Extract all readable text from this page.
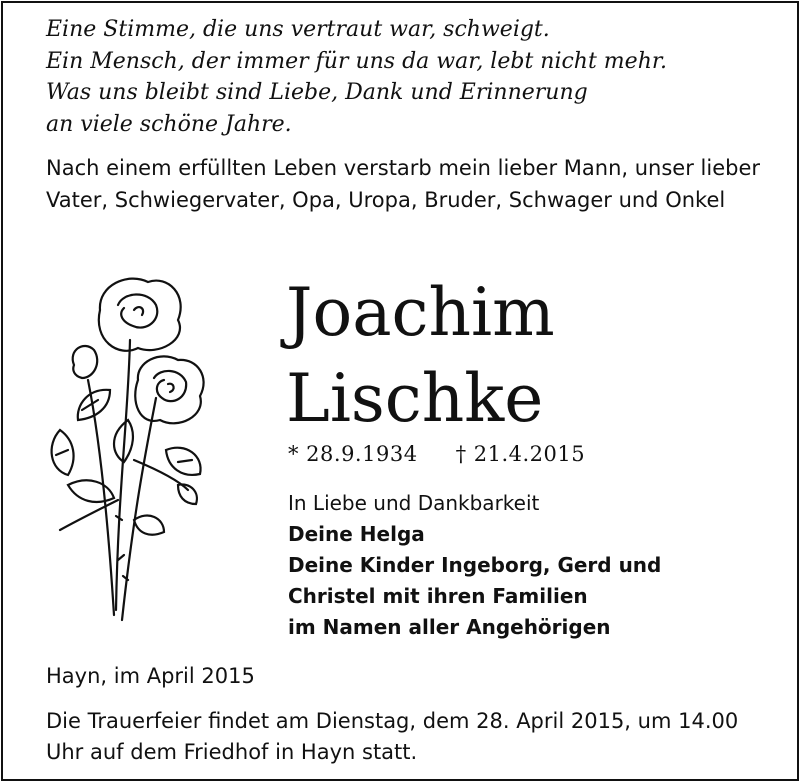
Eine Stimme, die uns vertraut war, schweigt.
Ein Mensch, der immer für uns da war, lebt nicht mehr.
Was uns bleibt sind Liebe, Dank und Erinnerung
an viele schöne Jahre.

Nach einem erfüllten Leben verstarb mein lieber Mann, unser lieber Vater, Schwiegervater, Opa, Uropa, Bruder, Schwager und Onkel

Joachim
Lischke
* 28.9.1934 † 21.4.2015
In Liebe und Dankbarkeit
Deine Helga
Deine Kinder Ingeborg, Gerd und
Christel mit ihren Familien
im Namen aller Angehörigen
Hayn, im April 2015
Die Trauerfeier findet am Dienstag, dem 28. April 2015, um 14.00 Uhr auf dem Friedhof in Hayn statt.
